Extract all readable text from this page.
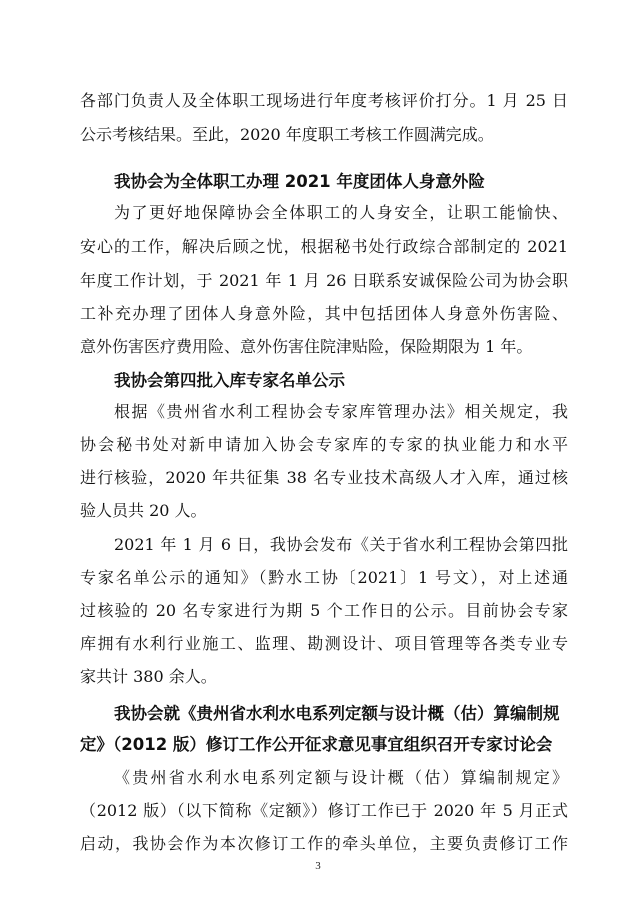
各部门负责人及全体职工现场进行年度考核评价打分。1 月 25 日
公示考核结果。至此，2020 年度职工考核工作圆满完成。
我协会为全体职工办理 2021 年度团体人身意外险
为了更好地保障协会全体职工的人身安全，让职工能愉快、
安心的工作，解决后顾之忧，根据秘书处行政综合部制定的 2021
年度工作计划，于 2021 年 1 月 26 日联系安诚保险公司为协会职
工补充办理了团体人身意外险，其中包括团体人身意外伤害险、
意外伤害医疗费用险、意外伤害住院津贴险，保险期限为 1 年。
我协会第四批入库专家名单公示
根据《贵州省水利工程协会专家库管理办法》相关规定，我
协会秘书处对新申请加入协会专家库的专家的执业能力和水平
进行核验，2020 年共征集 38 名专业技术高级人才入库，通过核
验人员共 20 人。
2021 年 1 月 6 日，我协会发布《关于省水利工程协会第四批
专家名单公示的通知》（黔水工协〔2021〕1 号文），对上述通
过核验的 20 名专家进行为期 5 个工作日的公示。目前协会专家
库拥有水利行业施工、监理、勘测设计、项目管理等各类专业专
家共计 380 余人。
我协会就《贵州省水利水电系列定额与设计概（估）算编制规
定》（2012 版）修订工作公开征求意见事宜组织召开专家讨论会
《贵州省水利水电系列定额与设计概（估）算编制规定》
（2012 版）（以下简称《定额》）修订工作已于 2020 年 5 月正式
启动，我协会作为本次修订工作的牵头单位，主要负责修订工作
3
